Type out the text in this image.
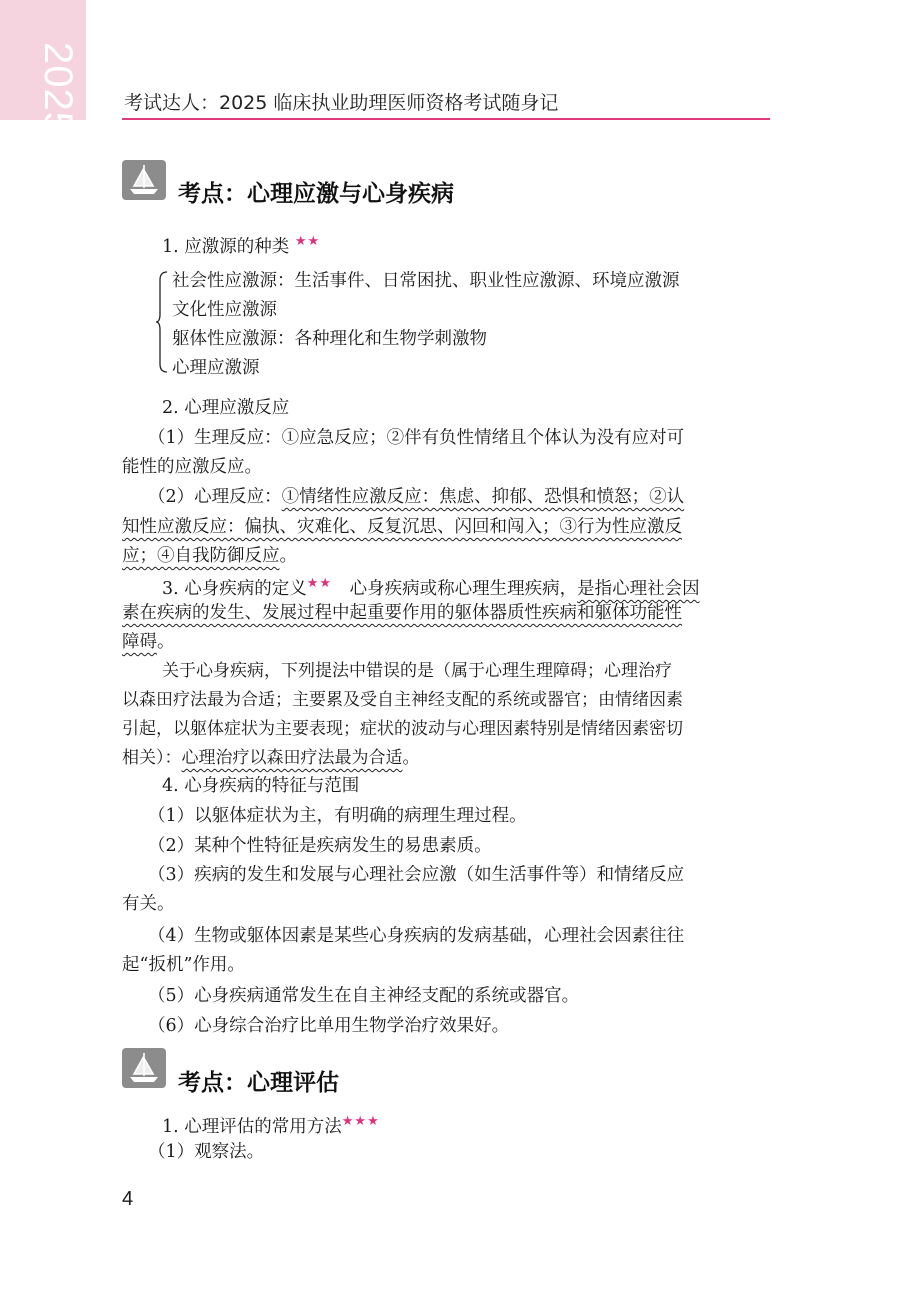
2025 考试达人：2025 临床执业助理医师资格考试随身记
考点：心理应激与心身疾病
1. 应激源的种类 ★★
社会性应激源：生活事件、日常困扰、职业性应激源、环境应激源
文化性应激源
躯体性应激源：各种理化和生物学刺激物
心理应激源
2. 心理应激反应
（1）生理反应：①应急反应；②伴有负性情绪且个体认为没有应对可
能性的应激反应。
（2）心理反应：①情绪性应激反应：焦虑、抑郁、恐惧和愤怒；②认
知性应激反应：偏执、灾难化、反复沉思、闪回和闯入；③行为性应激反
应；④自我防御反应。
3. 心身疾病的定义★★　心身疾病或称心理生理疾病，是指心理社会因
素在疾病的发生、发展过程中起重要作用的躯体器质性疾病和躯体功能性
障碍。
关于心身疾病，下列提法中错误的是（属于心理生理障碍；心理治疗
以森田疗法最为合适；主要累及受自主神经支配的系统或器官；由情绪因素
引起，以躯体症状为主要表现；症状的波动与心理因素特别是情绪因素密切
相关）：心理治疗以森田疗法最为合适。
4. 心身疾病的特征与范围
（1）以躯体症状为主，有明确的病理生理过程。
（2）某种个性特征是疾病发生的易患素质。
（3）疾病的发生和发展与心理社会应激（如生活事件等）和情绪反应
有关。
（4）生物或躯体因素是某些心身疾病的发病基础，心理社会因素往往
起“扳机”作用。
（5）心身疾病通常发生在自主神经支配的系统或器官。
（6）心身综合治疗比单用生物学治疗效果好。
考点：心理评估
1. 心理评估的常用方法★★★
（1）观察法。
4
